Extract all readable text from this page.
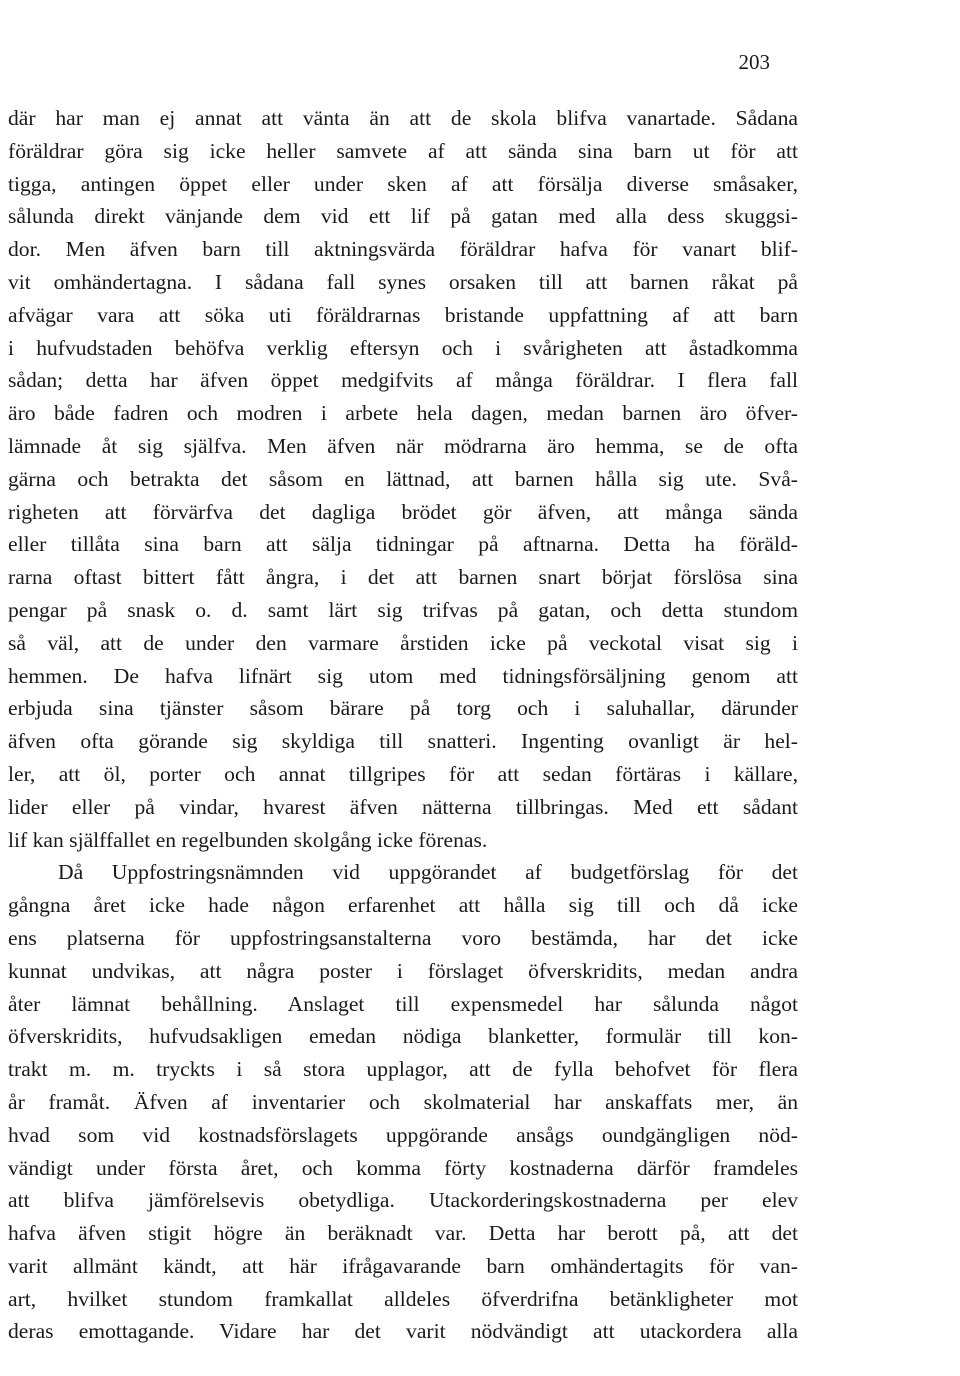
203
där har man ej annat att vänta än att de skola blifva vanartade. Sådana
föräldrar göra sig icke heller samvete af att sända sina barn ut för att
tigga, antingen öppet eller under sken af att försälja diverse småsaker,
sålunda direkt vänjande dem vid ett lif på gatan med alla dess skuggsi-
dor. Men äfven barn till aktningsvärda föräldrar hafva för vanart blif-
vit omhändertagna. I sådana fall synes orsaken till att barnen råkat på
afvägar vara att söka uti föräldrarnas bristande uppfattning af att barn
i hufvudstaden behöfva verklig eftersyn och i svårigheten att åstadkomma
sådan; detta har äfven öppet medgifvits af många föräldrar. I flera fall
äro både fadren och modren i arbete hela dagen, medan barnen äro öfver-
lämnade åt sig själfva. Men äfven när mödrarna äro hemma, se de ofta
gärna och betrakta det såsom en lättnad, att barnen hålla sig ute. Svå-
righeten att förvärfva det dagliga brödet gör äfven, att många sända
eller tillåta sina barn att sälja tidningar på aftnarna. Detta ha föräld-
rarna oftast bittert fått ångra, i det att barnen snart börjat förslösa sina
pengar på snask o. d. samt lärt sig trifvas på gatan, och detta stundom
så väl, att de under den varmare årstiden icke på veckotal visat sig i
hemmen. De hafva lifnärt sig utom med tidningsförsäljning genom att
erbjuda sina tjänster såsom bärare på torg och i saluhallar, därunder
äfven ofta görande sig skyldiga till snatteri. Ingenting ovanligt är hel-
ler, att öl, porter och annat tillgripes för att sedan förtäras i källare,
lider eller på vindar, hvarest äfven nätterna tillbringas. Med ett sådant
lif kan själffallet en regelbunden skolgång icke förenas.
Då Uppfostringsnämnden vid uppgörandet af budgetförslag för det
gångna året icke hade någon erfarenhet att hålla sig till och då icke
ens platserna för uppfostringsanstalterna voro bestämda, har det icke
kunnat undvikas, att några poster i förslaget öfverskridits, medan andra
åter lämnat behållning. Anslaget till expensmedel har sålunda något
öfverskridits, hufvudsakligen emedan nödiga blanketter, formulär till kon-
trakt m. m. tryckts i så stora upplagor, att de fylla behofvet för flera
år framåt. Äfven af inventarier och skolmaterial har anskaffats mer, än
hvad som vid kostnadsförslagets uppgörande ansågs oundgängligen nöd-
vändigt under första året, och komma förty kostnaderna därför framdeles
att blifva jämförelsevis obetydliga. Utackorderingskostnaderna per elev
hafva äfven stigit högre än beräknadt var. Detta har berott på, att det
varit allmänt kändt, att här ifrågavarande barn omhändertagits för van-
art, hvilket stundom framkallat alldeles öfverdrifna betänkligheter mot
deras emottagande. Vidare har det varit nödvändigt att utackordera alla
